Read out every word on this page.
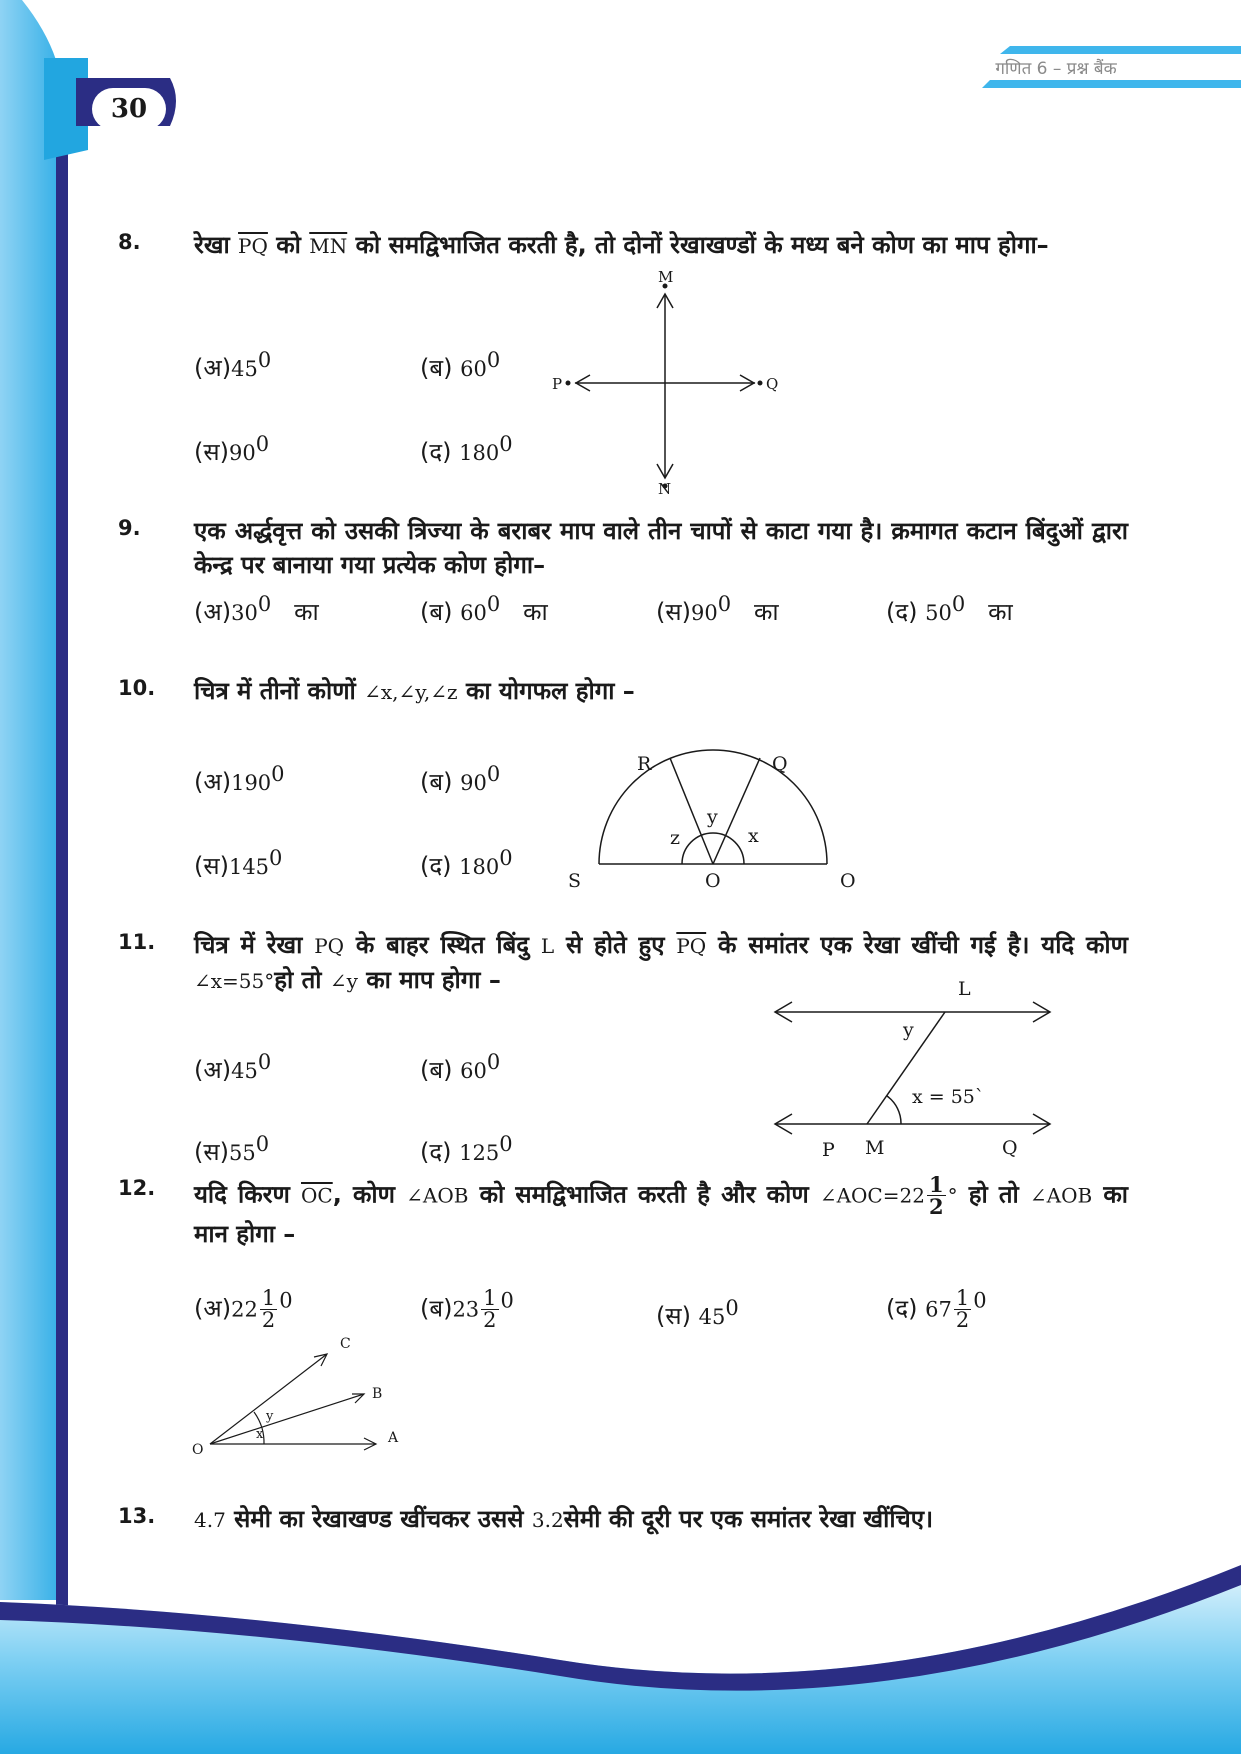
गणित 6 – प्रश्न बैंक
30
8. रेखा $\overline{PQ}$ को $\overline{MN}$ को समद्विभाजित करती है, तो दोनों रेखाखण्डों के मध्य बने कोण का माप होगा–
$(अ)45^0$	(ब) $60^0$
$(स)90^0$	(द) $180^0$
M
N
P	Q
9. एक अर्द्धवृत्त को उसकी त्रिज्या के बराबर माप वाले तीन चापों से काटा गया है। क्रमागत कटान बिंदुओं द्वारा केन्द्र पर बानाया गया प्रत्येक कोण होगा–
$(अ)30^0$ का	(ब) $60^0$ का	$(स)90^0$ का	(द) $50^0$ का
10. चित्र में तीनों कोणों ∠x,∠y,∠z का योगफल होगा –
$(अ)190^0$	(ब) $90^0$
$(स)145^0$	(द) $180^0$
R	Q
y
z	x
S	O	O
11. चित्र में रेखा PQ के बाहर स्थित बिंदु L से होते हुए $\overline{PQ}$ के समांतर एक रेखा खींची गई है। यदि कोण ∠x=55°हो तो ∠y का माप होगा –
$(अ)45^0$	(ब) $60^0$
$(स)55^0$	(द) $125^0$
L
y
x = 55`
P M	Q
12. यदि किरण $\overline{OC}$, कोण ∠AOB को समद्विभाजित करती है और कोण ∠AOC=22 $\frac{1}{2}$ ° हो तो ∠AOB का मान होगा –
(अ)22 $\frac{1}{2} ^0$	(ब)23 $\frac{1}{2} ^0$
(स) $45^0$	(द) $67 \frac{1}{2} ^0$
C
B
A
O
y
x
13. 4.7 सेमी का रेखाखण्ड खींचकर उससे 3.2सेमी की दूरी पर एक समांतर रेखा खींचिए।
